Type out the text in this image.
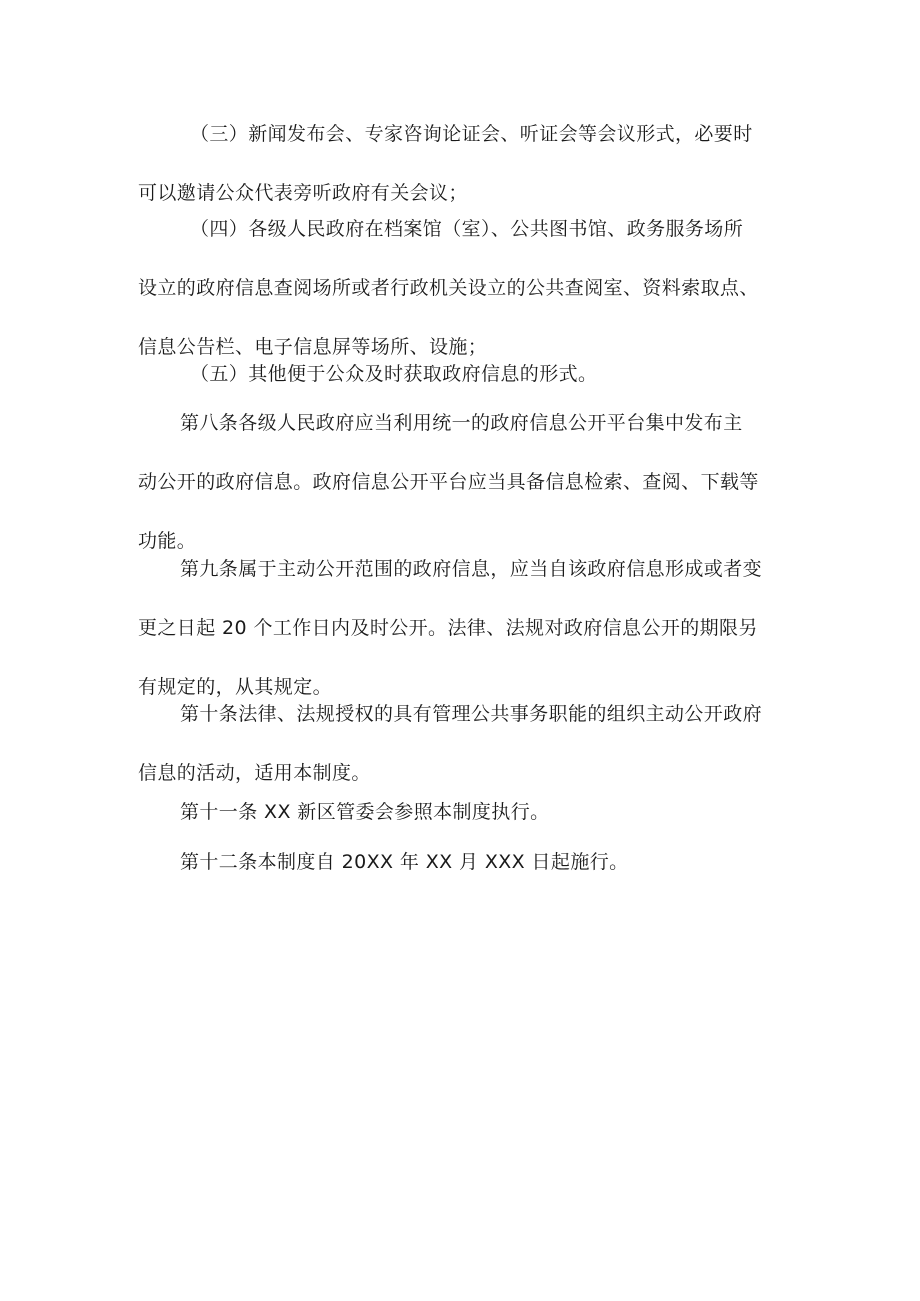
（三）新闻发布会、专家咨询论证会、听证会等会议形式，必要时
可以邀请公众代表旁听政府有关会议；
（四）各级人民政府在档案馆（室）、公共图书馆、政务服务场所
设立的政府信息查阅场所或者行政机关设立的公共查阅室、资料索取点、
信息公告栏、电子信息屏等场所、设施；
（五）其他便于公众及时获取政府信息的形式。
第八条各级人民政府应当利用统一的政府信息公开平台集中发布主
动公开的政府信息。政府信息公开平台应当具备信息检索、查阅、下载等
功能。
第九条属于主动公开范围的政府信息，应当自该政府信息形成或者变
更之日起 20 个工作日内及时公开。法律、法规对政府信息公开的期限另
有规定的，从其规定。
第十条法律、法规授权的具有管理公共事务职能的组织主动公开政府
信息的活动，适用本制度。
第十一条 XX 新区管委会参照本制度执行。
第十二条本制度自 20XX 年 XX 月 XXX 日起施行。
